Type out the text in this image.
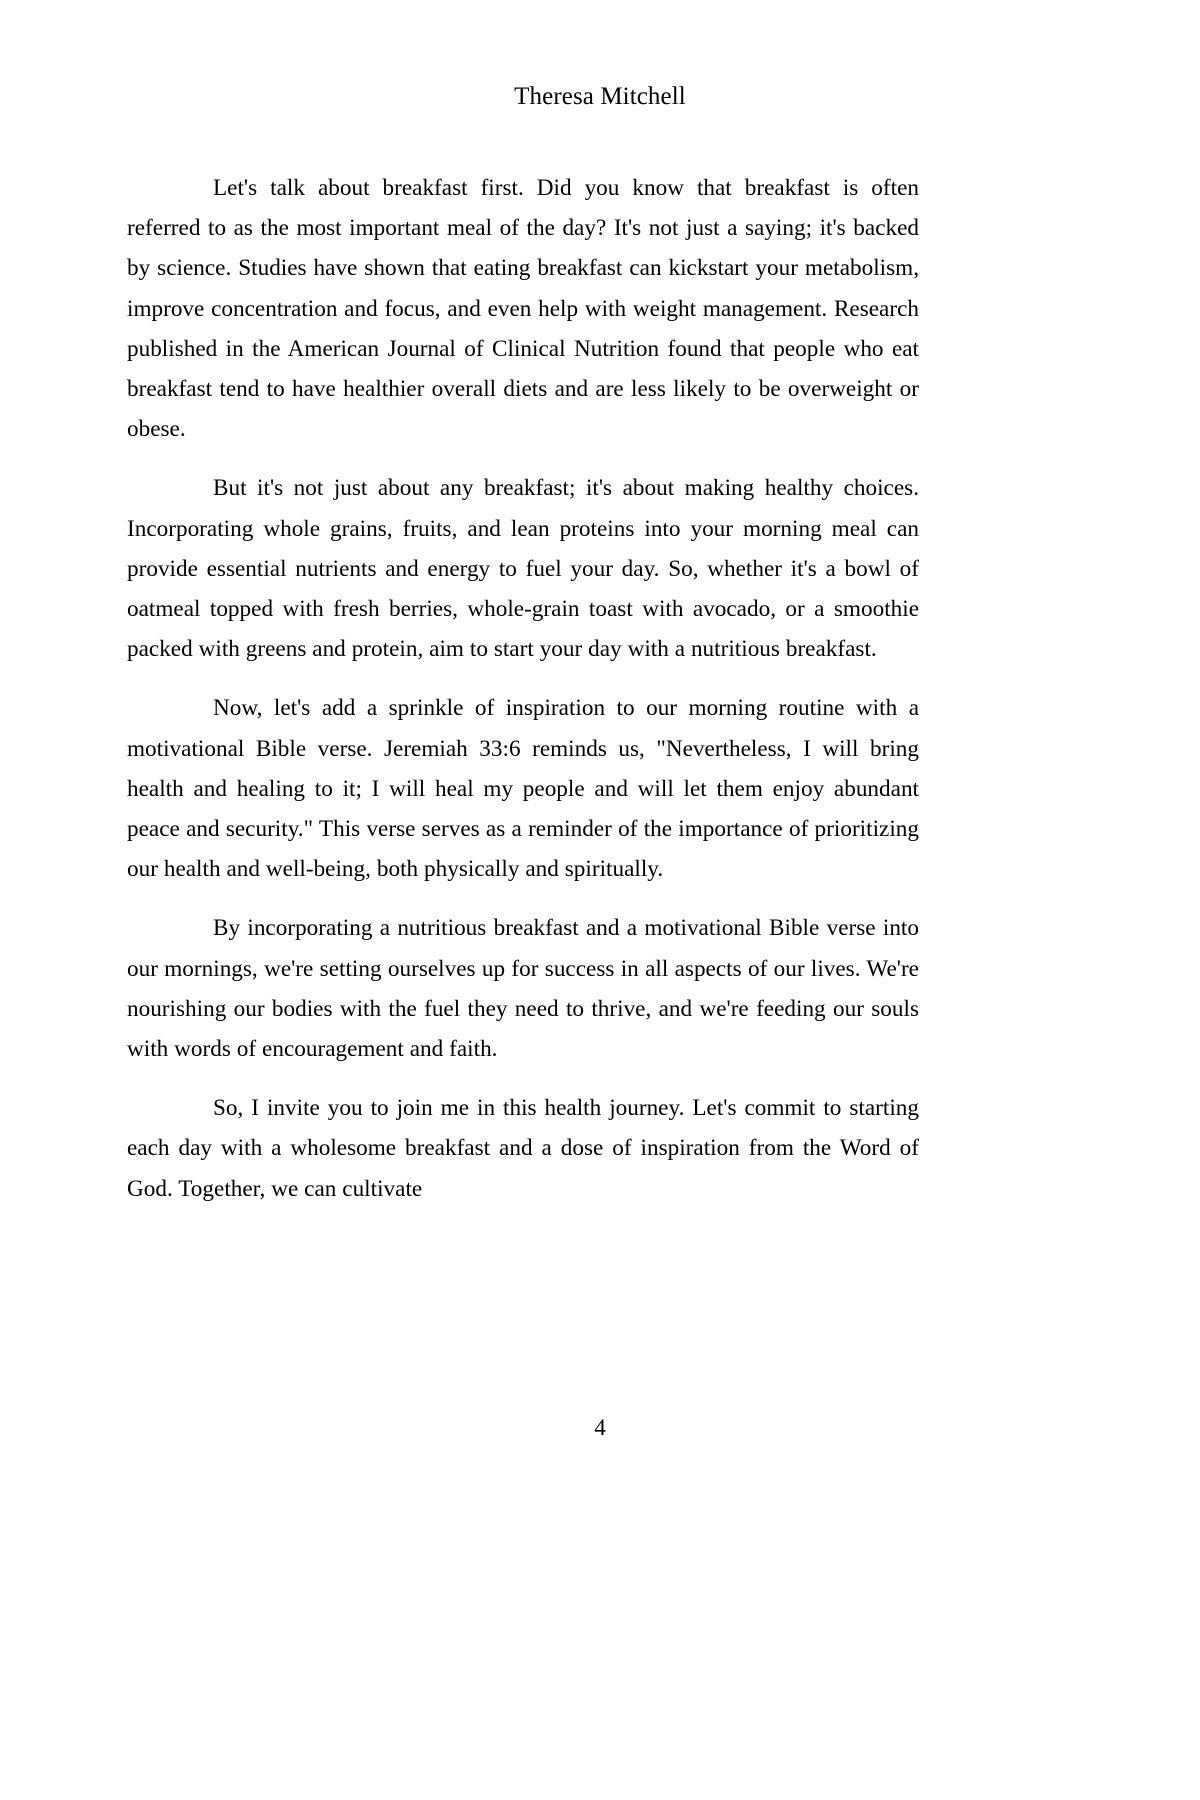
Theresa Mitchell

Let's talk about breakfast first. Did you know that breakfast is often referred to as the most important meal of the day? It's not just a saying; it's backed by science. Studies have shown that eating breakfast can kickstart your metabolism, improve concentration and focus, and even help with weight management. Research published in the American Journal of Clinical Nutrition found that people who eat breakfast tend to have healthier overall diets and are less likely to be overweight or obese.

But it's not just about any breakfast; it's about making healthy choices. Incorporating whole grains, fruits, and lean proteins into your morning meal can provide essential nutrients and energy to fuel your day. So, whether it's a bowl of oatmeal topped with fresh berries, whole-grain toast with avocado, or a smoothie packed with greens and protein, aim to start your day with a nutritious breakfast.

Now, let's add a sprinkle of inspiration to our morning routine with a motivational Bible verse. Jeremiah 33:6 reminds us, "Nevertheless, I will bring health and healing to it; I will heal my people and will let them enjoy abundant peace and security." This verse serves as a reminder of the importance of prioritizing our health and well-being, both physically and spiritually.

By incorporating a nutritious breakfast and a motivational Bible verse into our mornings, we're setting ourselves up for success in all aspects of our lives. We're nourishing our bodies with the fuel they need to thrive, and we're feeding our souls with words of encouragement and faith.

So, I invite you to join me in this health journey. Let's commit to starting each day with a wholesome breakfast and a dose of inspiration from the Word of God. Together, we can cultivate

4
